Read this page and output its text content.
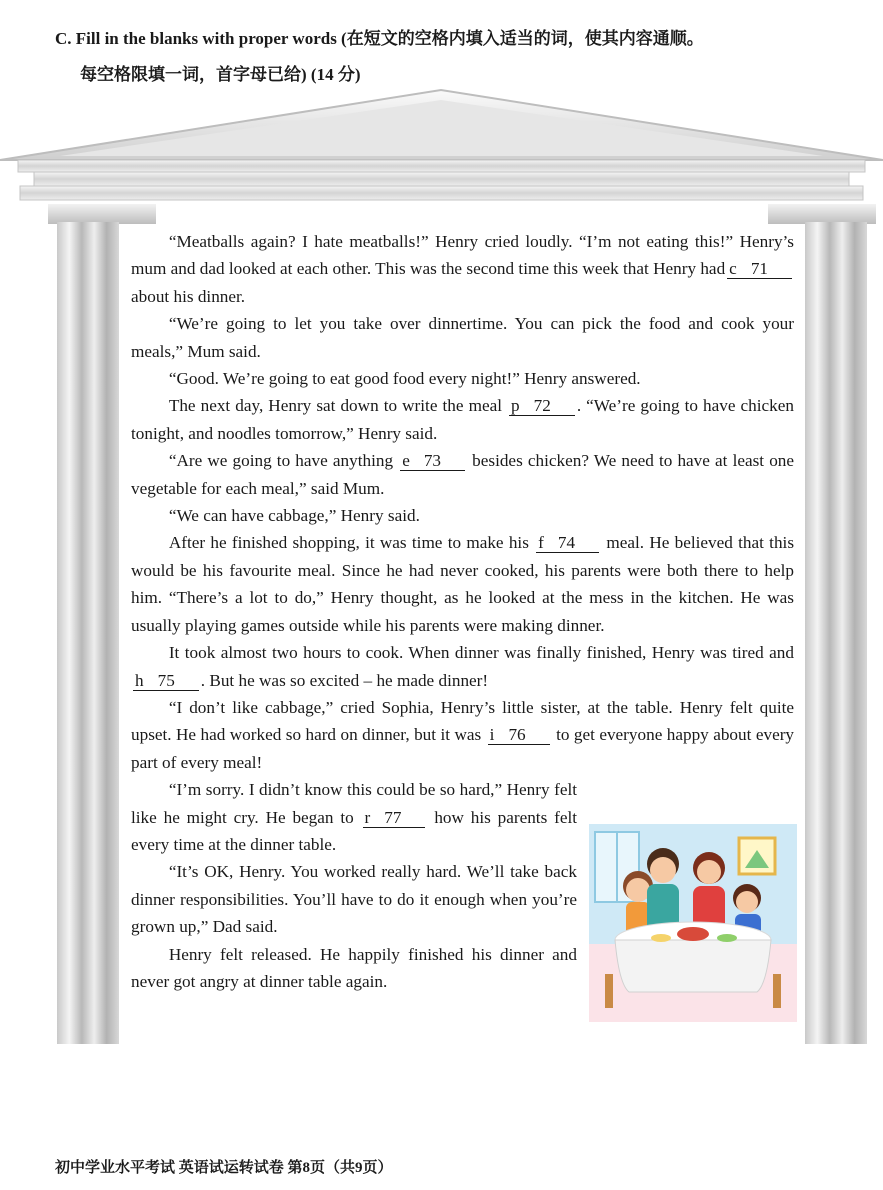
C. Fill in the blanks with proper words (在短文的空格内填入适当的词，使其内容通顺。
每空格限填一词，首字母已给) (14 分)

“Meatballs again? I hate meatballs!” Henry cried loudly. “I’m not eating this!” Henry’s mum and dad looked at each other. This was the second time this week that Henry had c 71 about his dinner.

“We’re going to let you take over dinnertime. You can pick the food and cook your meals,” Mum said.

“Good. We’re going to eat good food every night!” Henry answered.

The next day, Henry sat down to write the meal p 72 . “We’re going to have chicken tonight, and noodles tomorrow,” Henry said.

“Are we going to have anything e 73 besides chicken? We need to have at least one vegetable for each meal,” said Mum.

“We can have cabbage,” Henry said.

After he finished shopping, it was time to make his f 74 meal. He believed that this would be his favourite meal. Since he had never cooked, his parents were both there to help him. “There’s a lot to do,” Henry thought, as he looked at the mess in the kitchen. He was usually playing games outside while his parents were making dinner.

It took almost two hours to cook. When dinner was finally finished, Henry was tired and h 75 . But he was so excited – he made dinner!

“I don’t like cabbage,” cried Sophia, Henry’s little sister, at the table. Henry felt quite upset. He had worked so hard on dinner, but it was i 76 to get everyone happy about every part of every meal!

“I’m sorry. I didn’t know this could be so hard,” Henry felt like he might cry. He began to r 77 how his parents felt every time at the dinner table.

“It’s OK, Henry. You worked really hard. We’ll take back dinner responsibilities. You’ll have to do it enough when you’re grown up,” Dad said.

Henry felt released. He happily finished his dinner and never got angry at dinner table again.

初中学业水平考试 英语试运转试卷 第8页（共9页）
